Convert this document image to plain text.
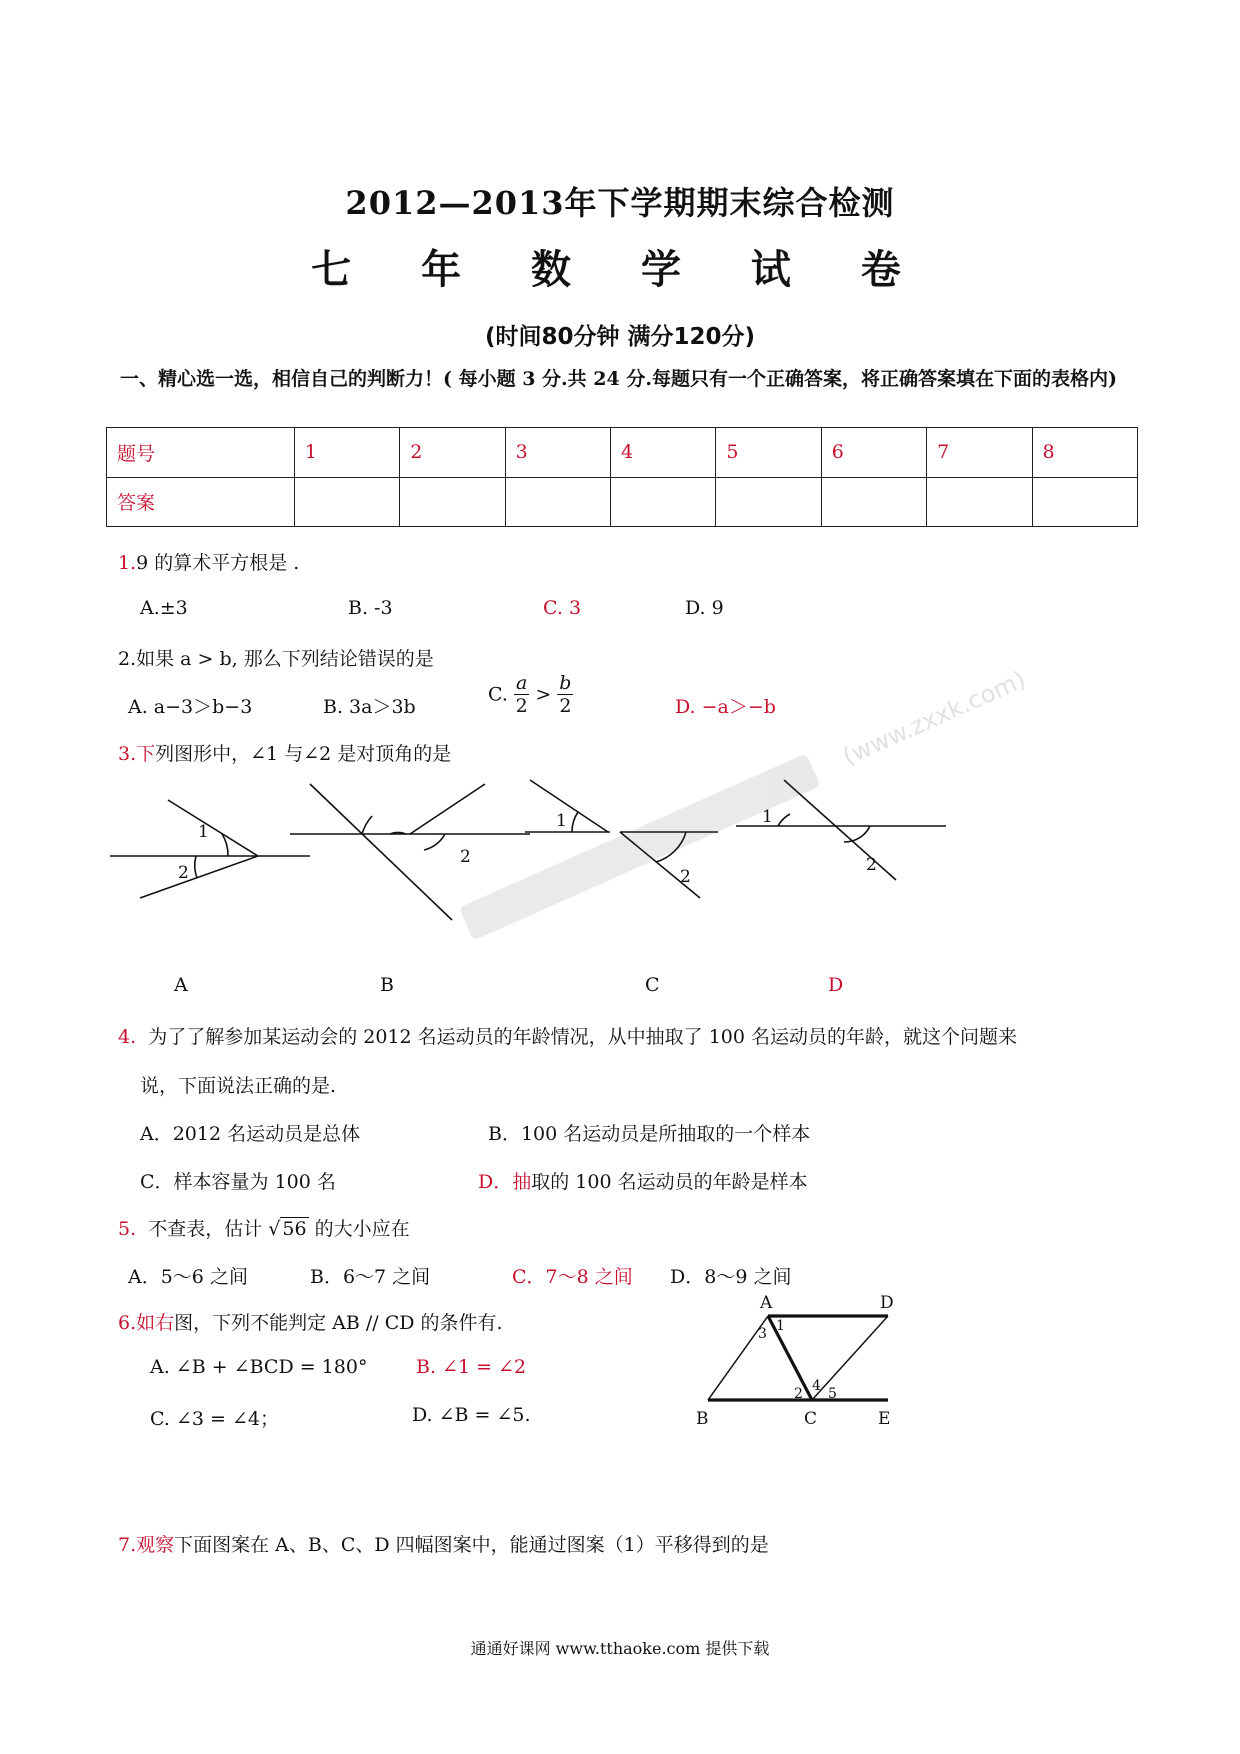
2012—2013年下学期期末综合检测
七 年 数 学 试 卷
(时间80分钟 满分120分)
一、精心选一选，相信自己的判断力！( 每小题 3 分.共 24 分.每题只有一个正确答案，将正确答案填在下面的表格内)
题号	1	2	3	4	5	6	7	8
答案								
1.9 的算术平方根是 .
A.±3	B. -3	C. 3	D. 9
2.如果 a > b, 那么下列结论错误的是
A. a−3＞b−3	B. 3a＞3b
C. $\frac{a}{2} > \frac{b}{2}$	D. −a＞−b
3.下列图形中，∠1 与∠2 是对顶角的是
1
2
2
1
2
1
2
(www.zxxk.com)
A	B	C	D
4. 为了了解参加某运动会的 2012 名运动员的年龄情况，从中抽取了 100 名运动员的年龄，就这个问题来
说，下面说法正确的是.
A．2012 名运动员是总体	B．100 名运动员是所抽取的一个样本
C．样本容量为 100 名	D．抽取的 100 名运动员的年龄是样本
5. 不查表，估计 √ 56 的大小应在
A．5～6 之间	B．6～7 之间	C．7～8 之间 D．8～9 之间
6.如右图，下列不能判定 AB // CD 的条件有.
A. ∠B + ∠BCD = 180°	B. ∠1 = ∠2
C. ∠3 = ∠4；	D. ∠B = ∠5.
A	D
B	C	E
1
3
2 4 5
7.观察下面图案在 A、B、C、D 四幅图案中，能通过图案（1）平移得到的是
通通好课网 www.tthaoke.com 提供下载
